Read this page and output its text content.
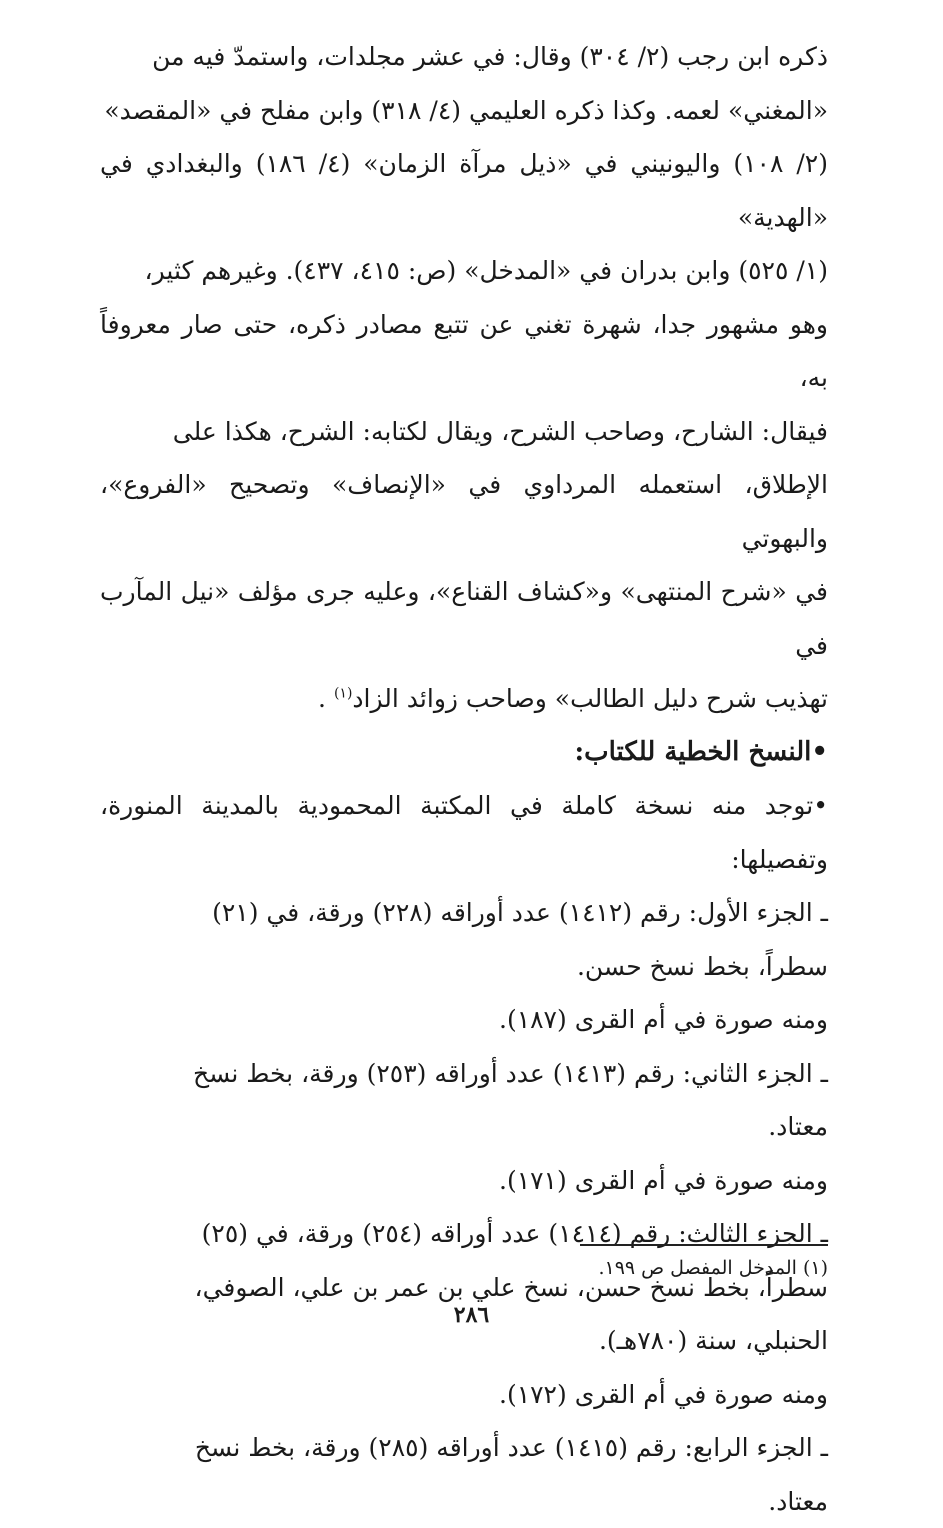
ذكره ابن رجب (٢/ ٣٠٤) وقال: في عشر مجلدات، واستمدّ فيه من

«المغني» لعمه. وكذا ذكره العليمي (٤/ ٣١٨) وابن مفلح في «المقصد»

(٢/ ١٠٨) واليونيني في «ذيل مرآة الزمان» (٤/ ١٨٦) والبغدادي في «الهدية»

(١/ ٥٢٥) وابن بدران في «المدخل» (ص: ٤١٥، ٤٣٧). وغيرهم كثير،

وهو مشهور جدا، شهرة تغني عن تتبع مصادر ذكره، حتى صار معروفاً به،

فيقال: الشارح، وصاحب الشرح، ويقال لكتابه: الشرح، هكذا على

الإطلاق، استعمله المرداوي في «الإنصاف» وتصحيح «الفروع»، والبهوتي

في «شرح المنتهى» و«كشاف القناع»، وعليه جرى مؤلف «نيل المآرب في

تهذيب شرح دليل الطالب» وصاحب زوائد الزاد$^{(١)}$ .

•النسخ الخطية للكتاب:

•توجد منه نسخة كاملة في المكتبة المحمودية بالمدينة المنورة، وتفصيلها:

ـ الجزء الأول: رقم (١٤١٢) عدد أوراقه (٢٢٨) ورقة، في (٢١)

سطراً، بخط نسخ حسن.

ومنه صورة في أم القرى (١٨٧).

ـ الجزء الثاني: رقم (١٤١٣) عدد أوراقه (٢٥٣) ورقة، بخط نسخ

معتاد.

ومنه صورة في أم القرى (١٧١).

ـ الجزء الثالث: رقم (١٤١٤) عدد أوراقه (٢٥٤) ورقة، في (٢٥)

سطراً، بخط نسخ حسن، نسخ علي بن عمر بن علي، الصوفي،

الحنبلي، سنة (٧٨٠هـ).

ومنه صورة في أم القرى (١٧٢).

ـ الجزء الرابع: رقم (١٤١٥) عدد أوراقه (٢٨٥) ورقة، بخط نسخ

معتاد.

(١) المدخل المفصل ص ١٩٩.
٢٨٦
